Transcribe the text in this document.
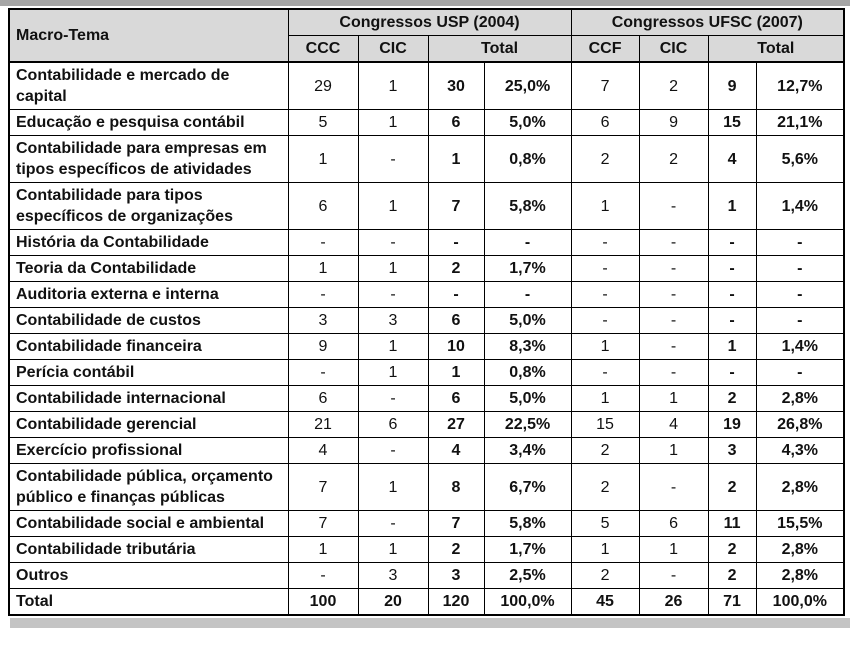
Macro-Tema	Congressos USP (2004)				Congressos UFSC (2007)			
	CCC	CIC	Total		CCF	CIC	Total	
Contabilidade e mercado de capital	29	1	30	25,0%	7	2	9	12,7%
Educação e pesquisa contábil	5	1	6	5,0%	6	9	15	21,1%
Contabilidade para empresas em tipos específicos de atividades	1	-	1	0,8%	2	2	4	5,6%
Contabilidade para tipos específicos de organizações	6	1	7	5,8%	1	-	1	1,4%
História da Contabilidade	-	-	-	-	-	-	-	-
Teoria da Contabilidade	1	1	2	1,7%	-	-	-	-
Auditoria externa e interna	-	-	-	-	-	-	-	-
Contabilidade de custos	3	3	6	5,0%	-	-	-	-
Contabilidade financeira	9	1	10	8,3%	1	-	1	1,4%
Perícia contábil	-	1	1	0,8%	-	-	-	-
Contabilidade internacional	6	-	6	5,0%	1	1	2	2,8%
Contabilidade gerencial	21	6	27	22,5%	15	4	19	26,8%
Exercício profissional	4	-	4	3,4%	2	1	3	4,3%
Contabilidade pública, orçamento público e finanças públicas	7	1	8	6,7%	2	-	2	2,8%
Contabilidade social e ambiental	7	-	7	5,8%	5	6	11	15,5%
Contabilidade tributária	1	1	2	1,7%	1	1	2	2,8%
Outros	-	3	3	2,5%	2	-	2	2,8%
Total	100	20	120	100,0%	45	26	71	100,0%
